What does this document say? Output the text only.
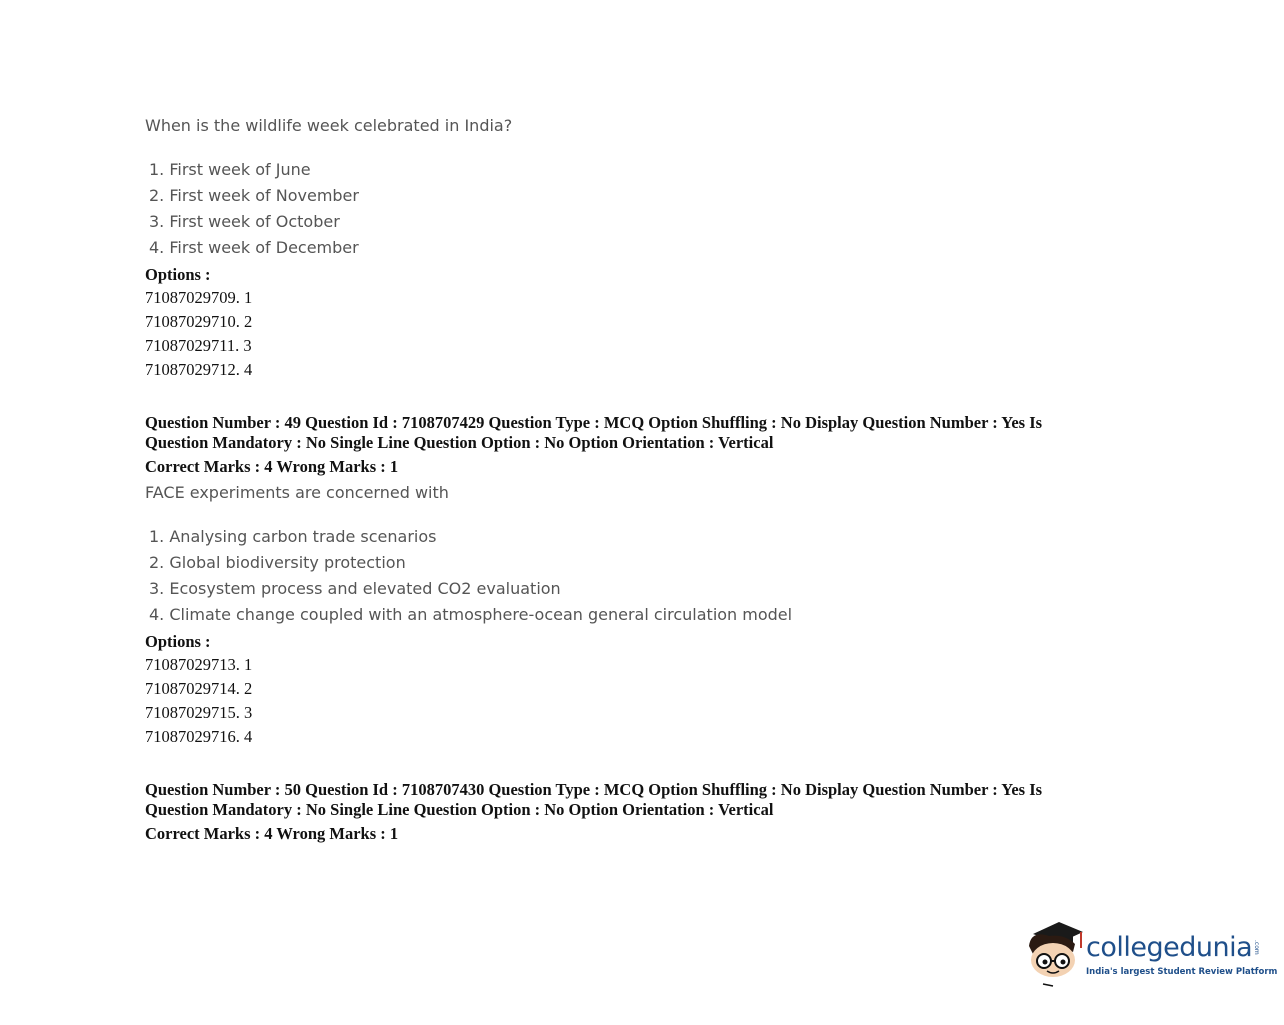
When is the wildlife week celebrated in India?
1. First week of June
2. First week of November
3. First week of October
4. First week of December
Options :
71087029709. 1
71087029710. 2
71087029711. 3
71087029712. 4
Question Number : 49 Question Id : 7108707429 Question Type : MCQ Option Shuffling : No Display Question Number : Yes Is Question Mandatory : No Single Line Question Option : No Option Orientation : Vertical
Correct Marks : 4 Wrong Marks : 1
FACE experiments are concerned with
1. Analysing carbon trade scenarios
2. Global biodiversity protection
3. Ecosystem process and elevated CO2 evaluation
4. Climate change coupled with an atmosphere-ocean general circulation model
Options :
71087029713. 1
71087029714. 2
71087029715. 3
71087029716. 4
Question Number : 50 Question Id : 7108707430 Question Type : MCQ Option Shuffling : No Display Question Number : Yes Is Question Mandatory : No Single Line Question Option : No Option Orientation : Vertical
Correct Marks : 4 Wrong Marks : 1
collegedunia .com
India's largest Student Review Platform
